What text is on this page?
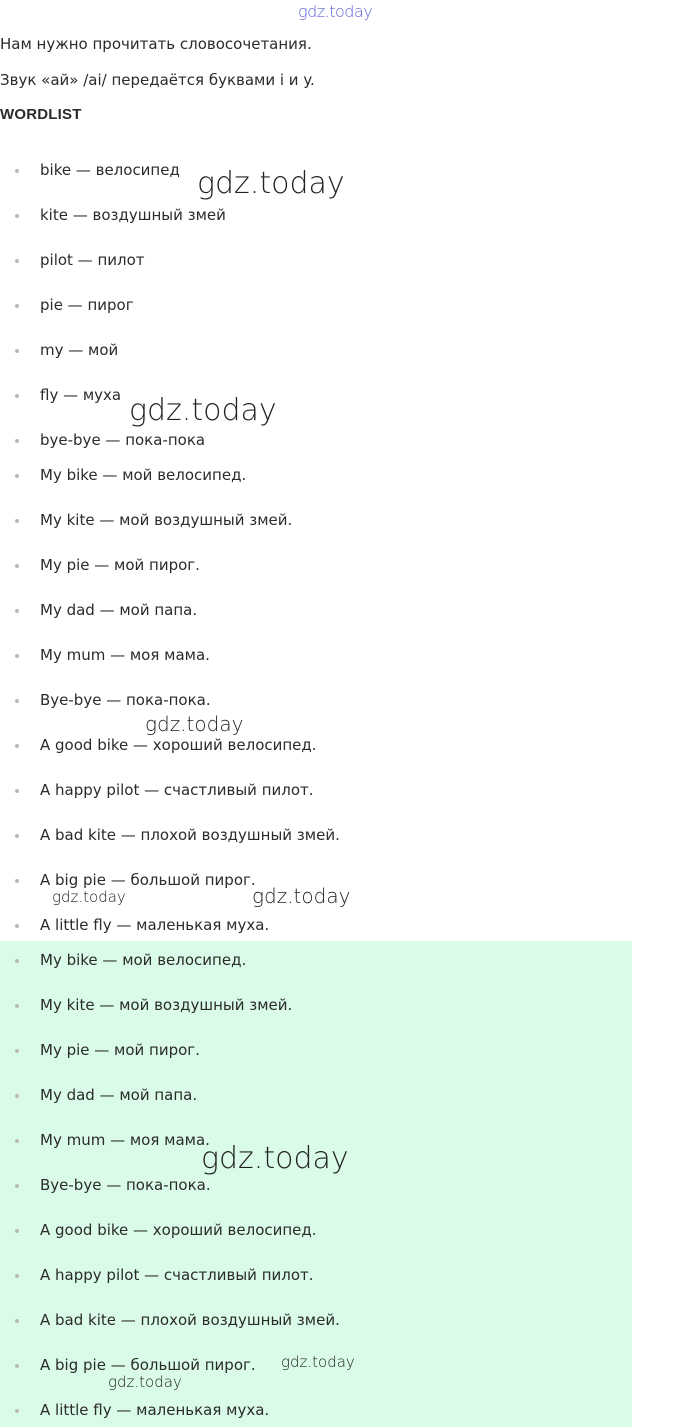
gdz.today
Нам нужно прочитать словосочетания.
Звук «ай» /ai/ передаётся буквами i и y.
WORDLIST
bike — велосипед
kite — воздушный змей
pilot — пилот
pie — пирог
my — мой
fly — муха
bye-bye — пока-пока
My bike — мой велосипед.
My kite — мой воздушный змей.
My pie — мой пирог.
My dad — мой папа.
My mum — моя мама.
Bye-bye — пока-пока.
A good bike — хороший велосипед.
A happy pilot — счастливый пилот.
A bad kite — плохой воздушный змей.
A big pie — большой пирог.
A little fly — маленькая муха.
My bike — мой велосипед.
My kite — мой воздушный змей.
My pie — мой пирог.
My dad — мой папа.
My mum — моя мама.
Bye-bye — пока-пока.
A good bike — хороший велосипед.
A happy pilot — счастливый пилот.
A bad kite — плохой воздушный змей.
A big pie — большой пирог.
A little fly — маленькая муха.
gdz.today
gdz.today
gdz.today
gdz.today
gdz.today
gdz.today
gdz.today
gdz.today
